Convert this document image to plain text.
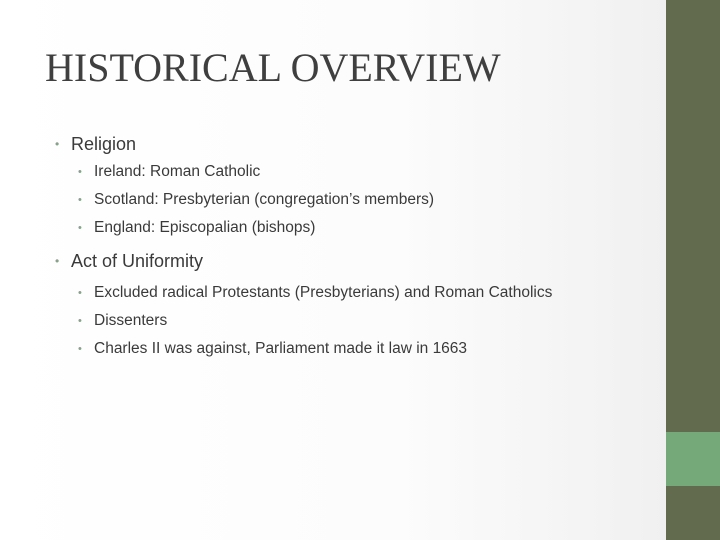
HISTORICAL OVERVIEW
• Religion
• Ireland: Roman Catholic
• Scotland: Presbyterian (congregation’s members)
• England: Episcopalian (bishops)
• Act of Uniformity
• Excluded radical Protestants (Presbyterians) and Roman Catholics
• Dissenters
• Charles II was against, Parliament made it law in 1663
